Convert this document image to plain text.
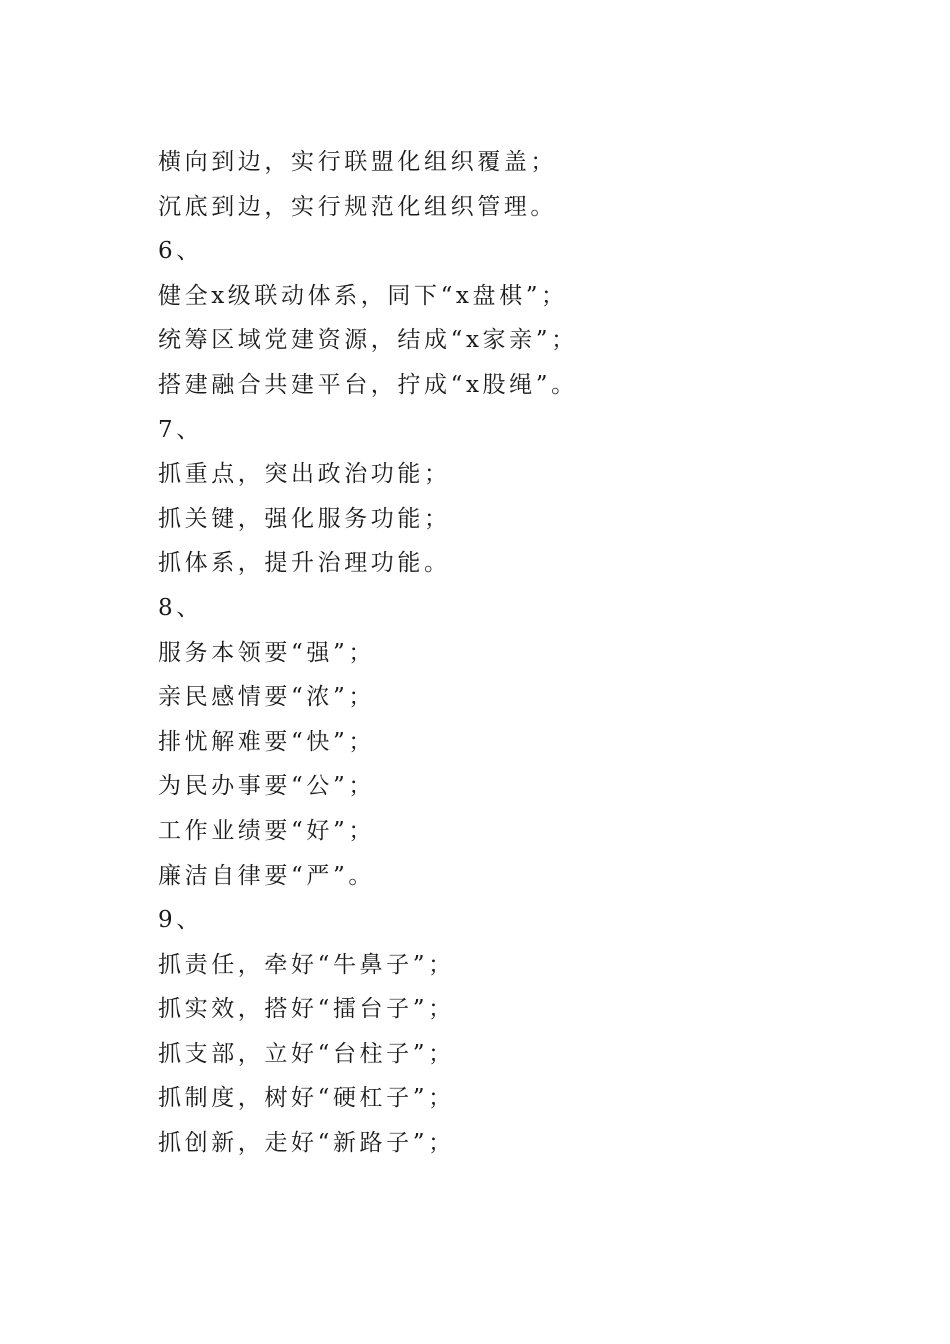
横向到边，实行联盟化组织覆盖；
沉底到边，实行规范化组织管理。
6、
健全x级联动体系，同下“x盘棋”；
统筹区域党建资源，结成“x家亲”；
搭建融合共建平台，拧成“x股绳”。
7、
抓重点，突出政治功能；
抓关键，强化服务功能；
抓体系，提升治理功能。
8、
服务本领要“强”；
亲民感情要“浓”；
排忧解难要“快”；
为民办事要“公”；
工作业绩要“好”；
廉洁自律要“严”。
9、
抓责任，牵好“牛鼻子”；
抓实效，搭好“擂台子”；
抓支部，立好“台柱子”；
抓制度，树好“硬杠子”；
抓创新，走好“新路子”；
